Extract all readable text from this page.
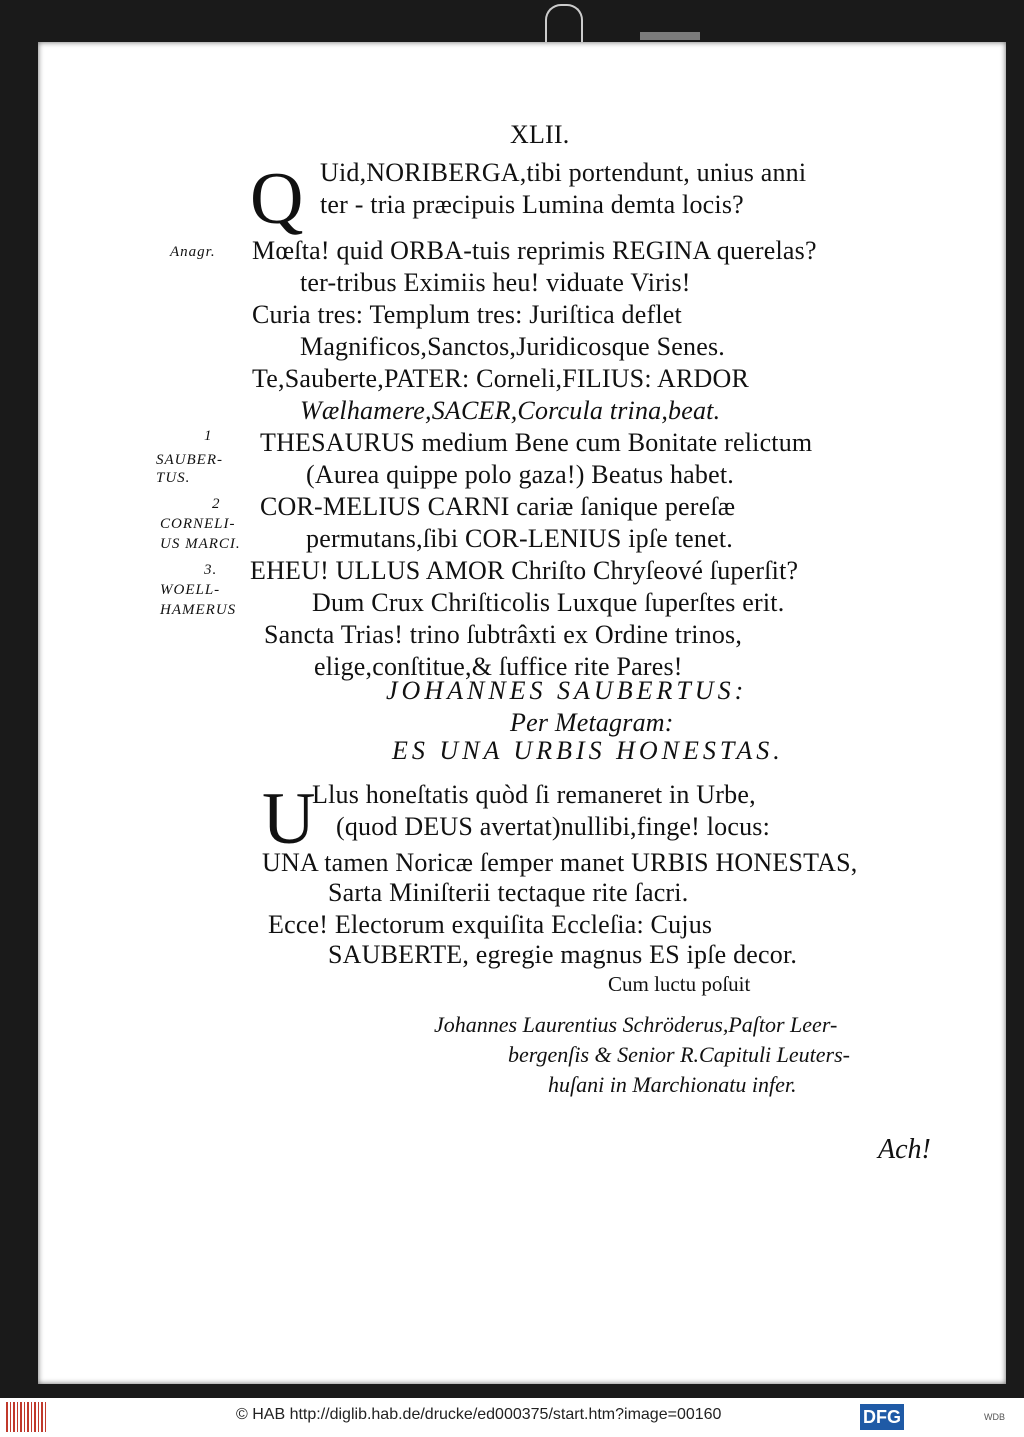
XLII.
Q Uid,NORIBERGA,tibi portendunt, unius anni
ter - tria præcipuis Lumina demta locis?
Anagr. Mœſta! quid ORBA-tuis reprimis REGINA querelas?
ter-tribus Eximiis heu! viduate Viris!
Curia tres: Templum tres: Juriſtica deflet
Magnificos,Sanctos,Juridicosque Senes.
Te,Sauberte,PATER: Corneli,FILIUS: ARDOR
Wælhamere,SACER,Corcula trina,beat.
1
SAUBER-
TUS.
THESAURUS medium Bene cum Bonitate relictum
(Aurea quippe polo gaza!) Beatus habet.
2
CORNELI-
US MARCI.
COR-MELIUS CARNI cariæ ſanique pereſæ
permutans,ſibi COR-LENIUS ipſe tenet.
3.
WOELL-
HAMERUS
EHEU! ULLUS AMOR Chriſto Chryſeové ſuperſit?
Dum Crux Chriſticolis Luxque ſuperſtes erit.
Sancta Trias! trino ſubtrâxti ex Ordine trinos,
elige,conſtitue,& ſuffice rite Pares!
JOHANNES SAUBERTUS:
Per Metagram:
ES UNA URBIS HONESTAS.
U
Llus honeſtatis quòd ſi remaneret in Urbe,
(quod DEUS avertat)nullibi,finge! locus:
UNA tamen Noricæ ſemper manet URBIS HONESTAS,
Sarta Miniſterii tectaque rite ſacri.
Ecce! Electorum exquiſita Eccleſia: Cujus
SAUBERTE, egregie magnus ES ipſe decor.
Cum luctu poſuit
Johannes Laurentius Schröderus,Paſtor Leer-
bergenſis & Senior R.Capituli Leuters-
huſani in Marchionatu infer.
Ach!
© HAB http://diglib.hab.de/drucke/ed000375/start.htm?image=00160	DFG	WDB
